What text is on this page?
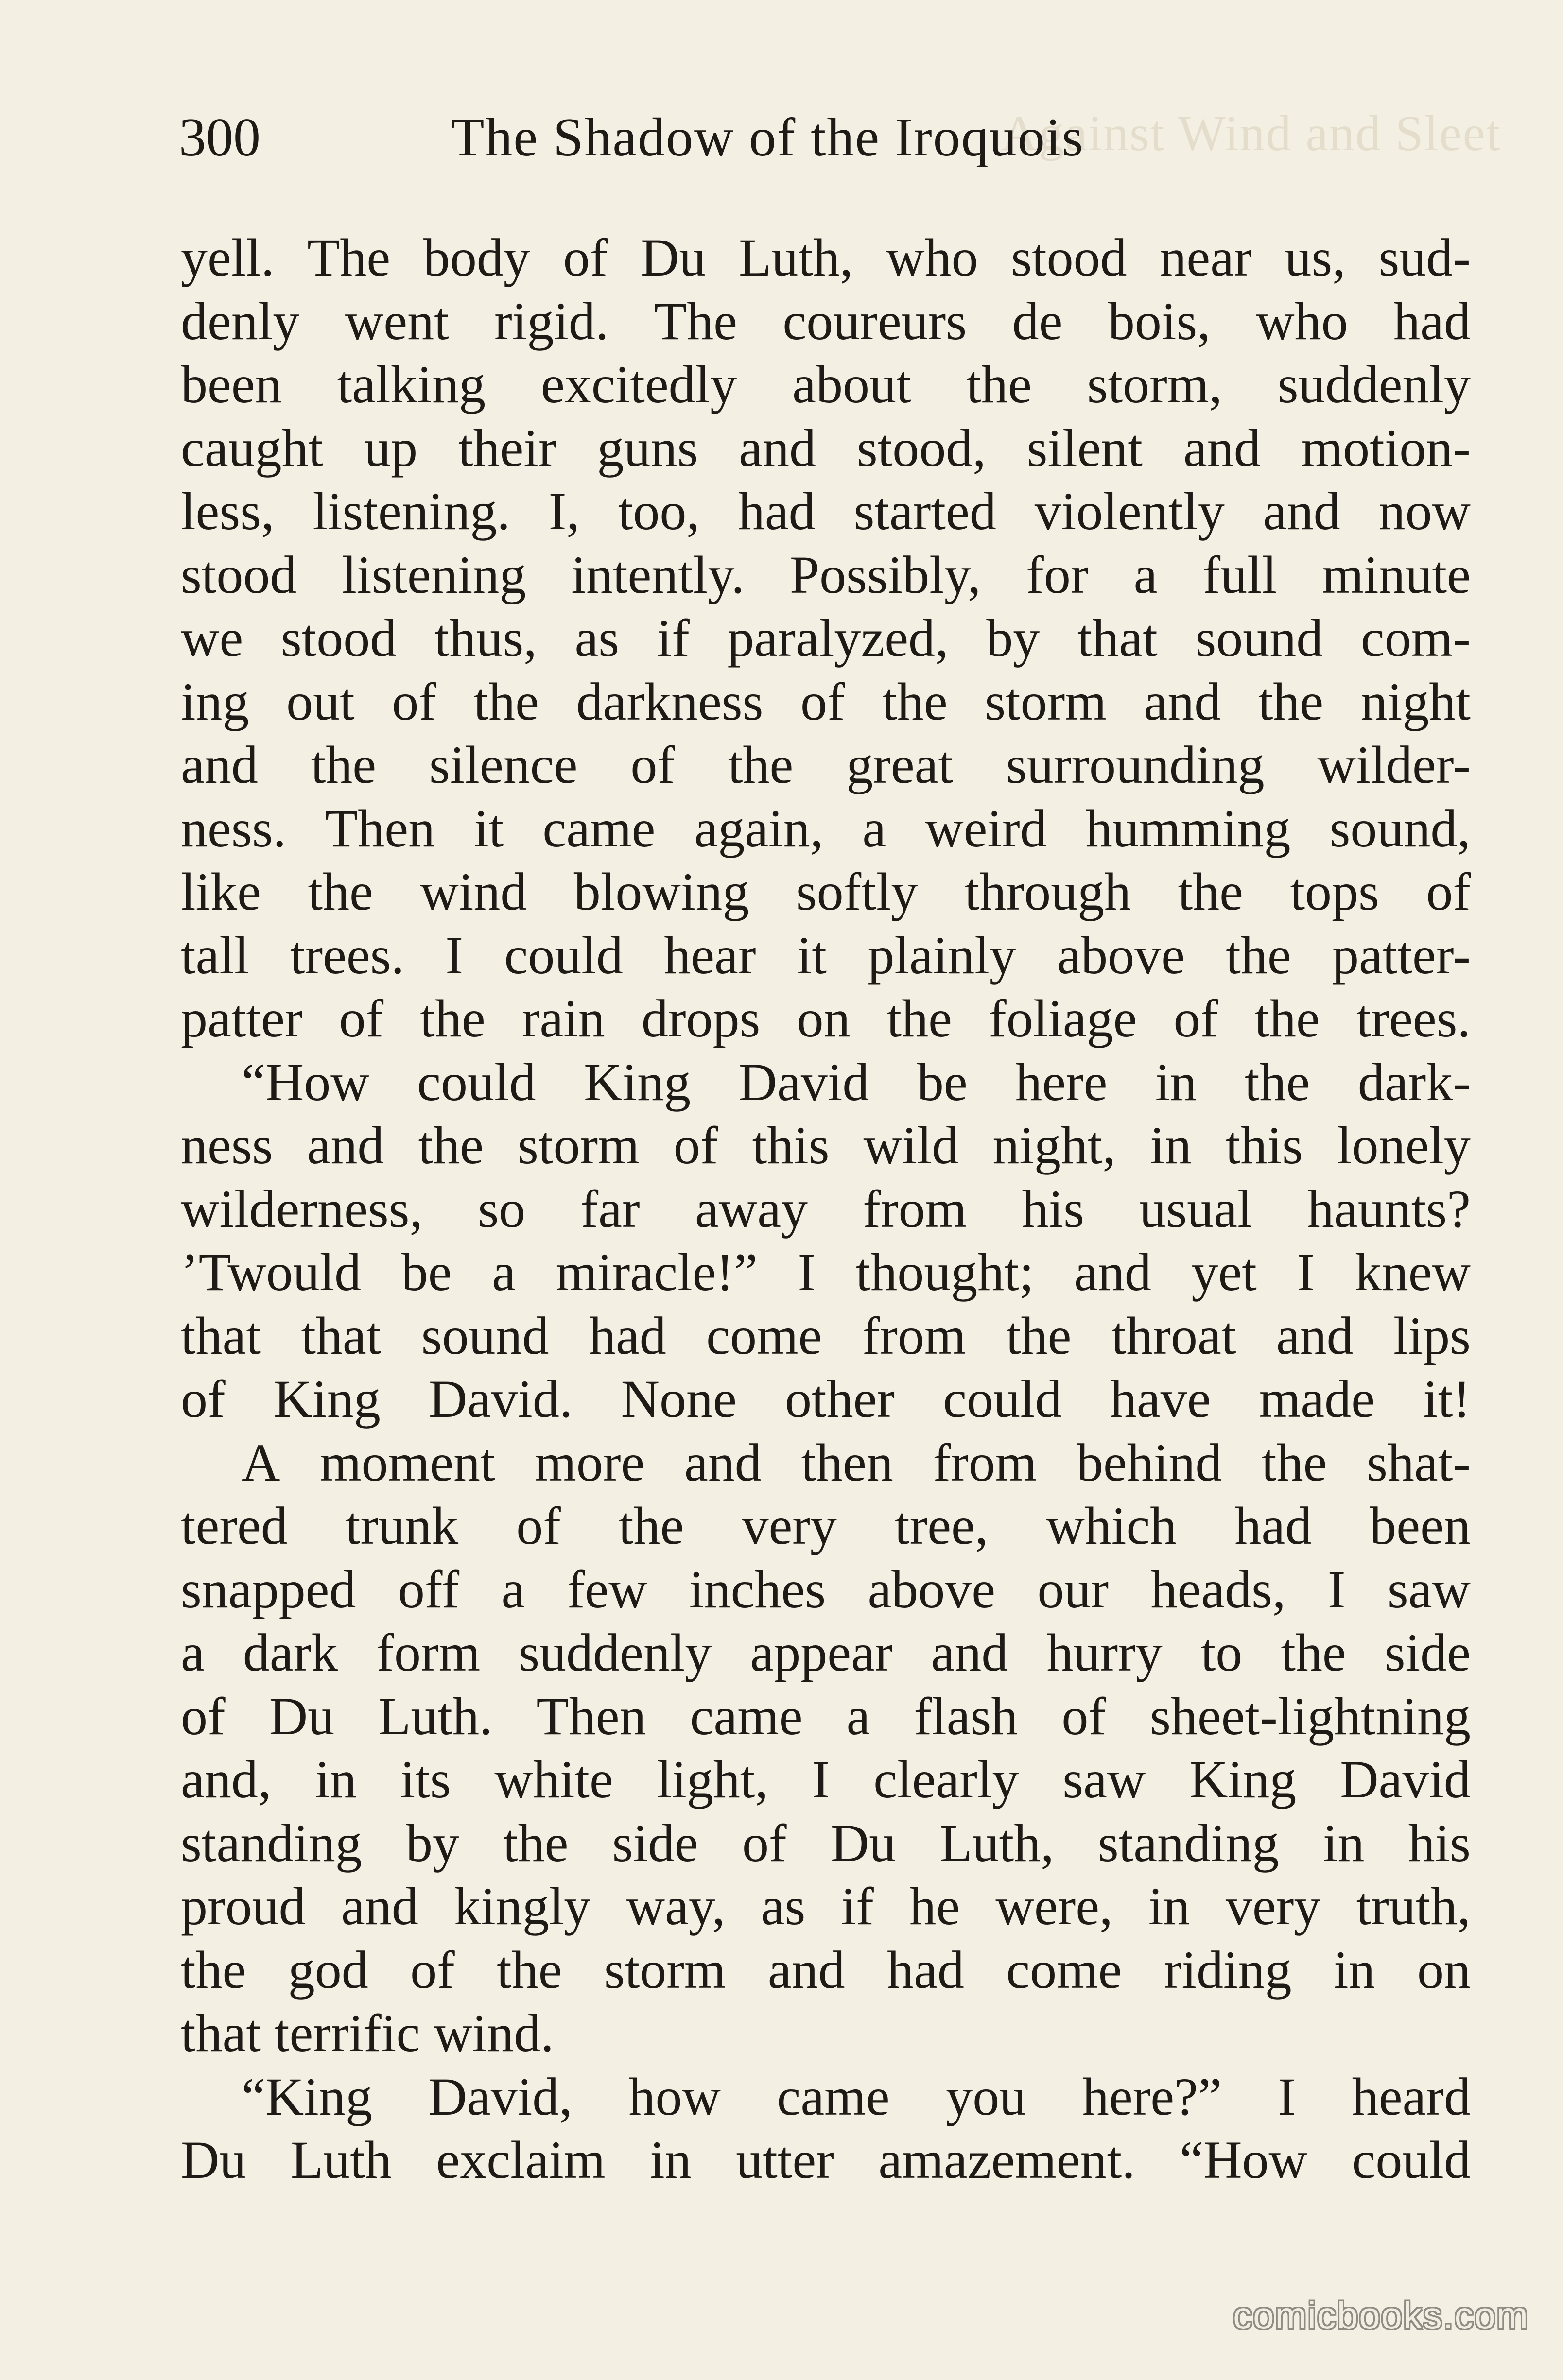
Against Wind and Sleet
300	The Shadow of the Iroquois
yell. The body of Du Luth, who stood near us, sud-
denly went rigid. The coureurs de bois, who had
been talking excitedly about the storm, suddenly
caught up their guns and stood, silent and motion-
less, listening. I, too, had started violently and now
stood listening intently. Possibly, for a full minute
we stood thus, as if paralyzed, by that sound com-
ing out of the darkness of the storm and the night
and the silence of the great surrounding wilder-
ness. Then it came again, a weird humming sound,
like the wind blowing softly through the tops of
tall trees. I could hear it plainly above the patter-
patter of the rain drops on the foliage of the trees.
“How could King David be here in the dark-
ness and the storm of this wild night, in this lonely
wilderness, so far away from his usual haunts?
’Twould be a miracle!” I thought; and yet I knew
that that sound had come from the throat and lips
of King David. None other could have made it!
A moment more and then from behind the shat-
tered trunk of the very tree, which had been
snapped off a few inches above our heads, I saw
a dark form suddenly appear and hurry to the side
of Du Luth. Then came a flash of sheet-lightning
and, in its white light, I clearly saw King David
standing by the side of Du Luth, standing in his
proud and kingly way, as if he were, in very truth,
the god of the storm and had come riding in on
that terrific wind.
“King David, how came you here?” I heard
Du Luth exclaim in utter amazement. “How could
comicbooks.com
